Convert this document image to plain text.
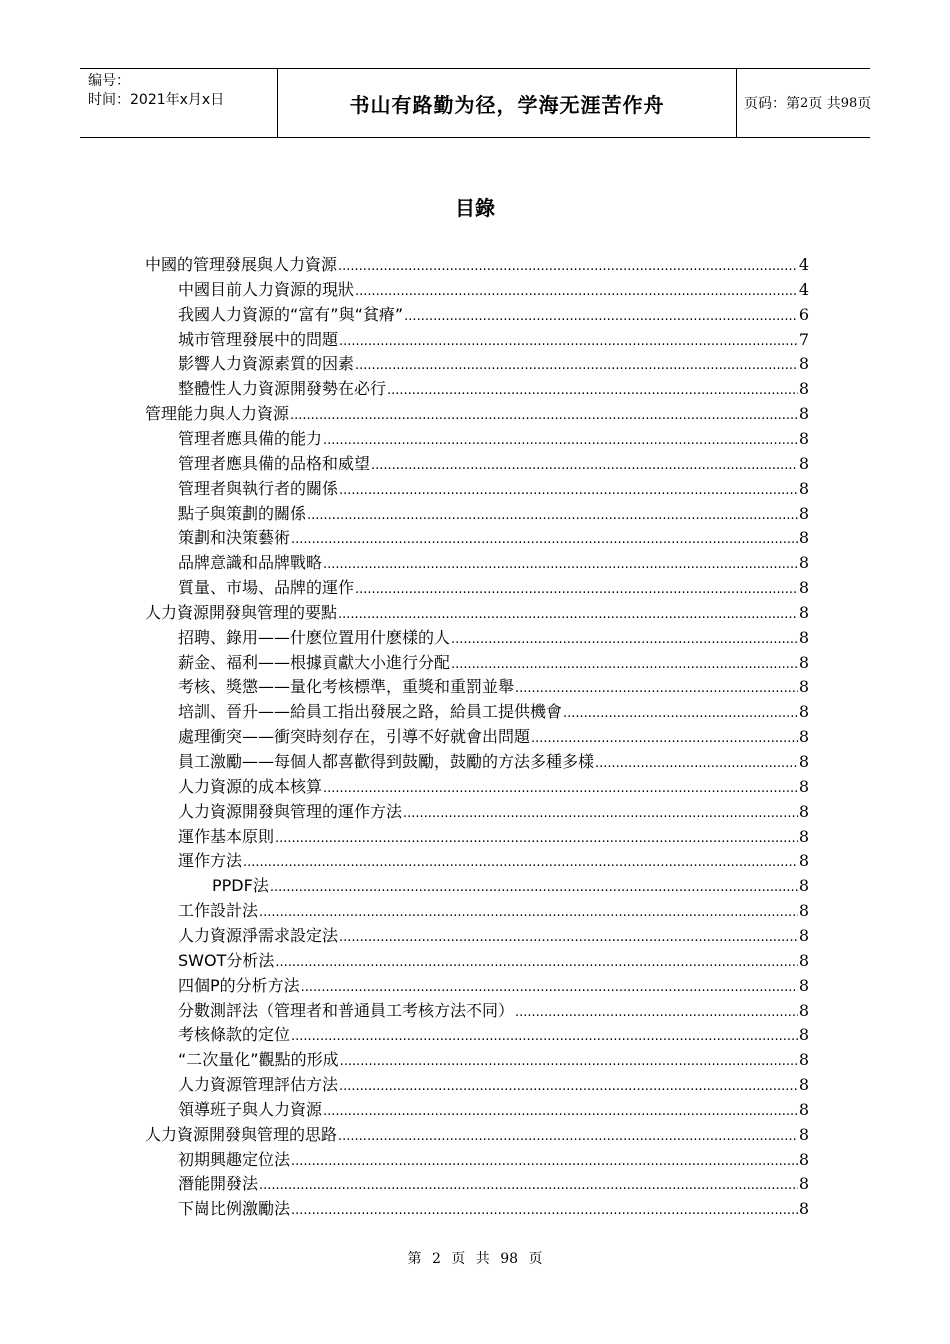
编号：
时间：2021年x月x日	书山有路勤为径，学海无涯苦作舟	页码：第 2 页 共 98 页
目錄
中國的管理發展與人力資源 .....	4
中國目前人力資源的現狀 .....	4
我國人力資源的“富有”與“貧瘠” .....	6
城市管理發展中的問題 .....	7
影響人力資源素質的因素 .....	8
整體性人力資源開發勢在必行 .....	8
管理能力與人力資源 .....	8
管理者應具備的能力 .....	8
管理者應具備的品格和威望 .....	8
管理者與執行者的關係 .....	8
點子與策劃的關係 .....	8
策劃和決策藝術 .....	8
品牌意識和品牌戰略 .....	8
質量、市場、品牌的運作 .....	8
人力資源開發與管理的要點 .....	8
招聘、錄用——什麽位置用什麽樣的人 .....	8
薪金、福利——根據貢獻大小進行分配 .....	8
考核、獎懲——量化考核標準，重獎和重罰並舉 .....	8
培訓、晉升——給員工指出發展之路，給員工提供機會 .....	8
處理衝突——衝突時刻存在，引導不好就會出問題 .....	8
員工激勵——每個人都喜歡得到鼓勵，鼓勵的方法多種多樣 .....	8
人力資源的成本核算 .....	8
人力資源開發與管理的運作方法 .....	8
運作基本原則 .....	8
運作方法 .....	8
PPDF法 .....	8
工作設計法 .....	8
人力資源淨需求設定法 .....	8
SWOT分析法 .....	8
四個P的分析方法 .....	8
分數測評法（管理者和普通員工考核方法不同） .....	8
考核條款的定位 .....	8
“二次量化”觀點的形成 .....	8
人力資源管理評估方法 .....	8
領導班子與人力資源 .....	8
人力資源開發與管理的思路 .....	8
初期興趣定位法 .....	8
潛能開發法 .....	8
下崗比例激勵法 .....	8
第 2 页 共 98 页
